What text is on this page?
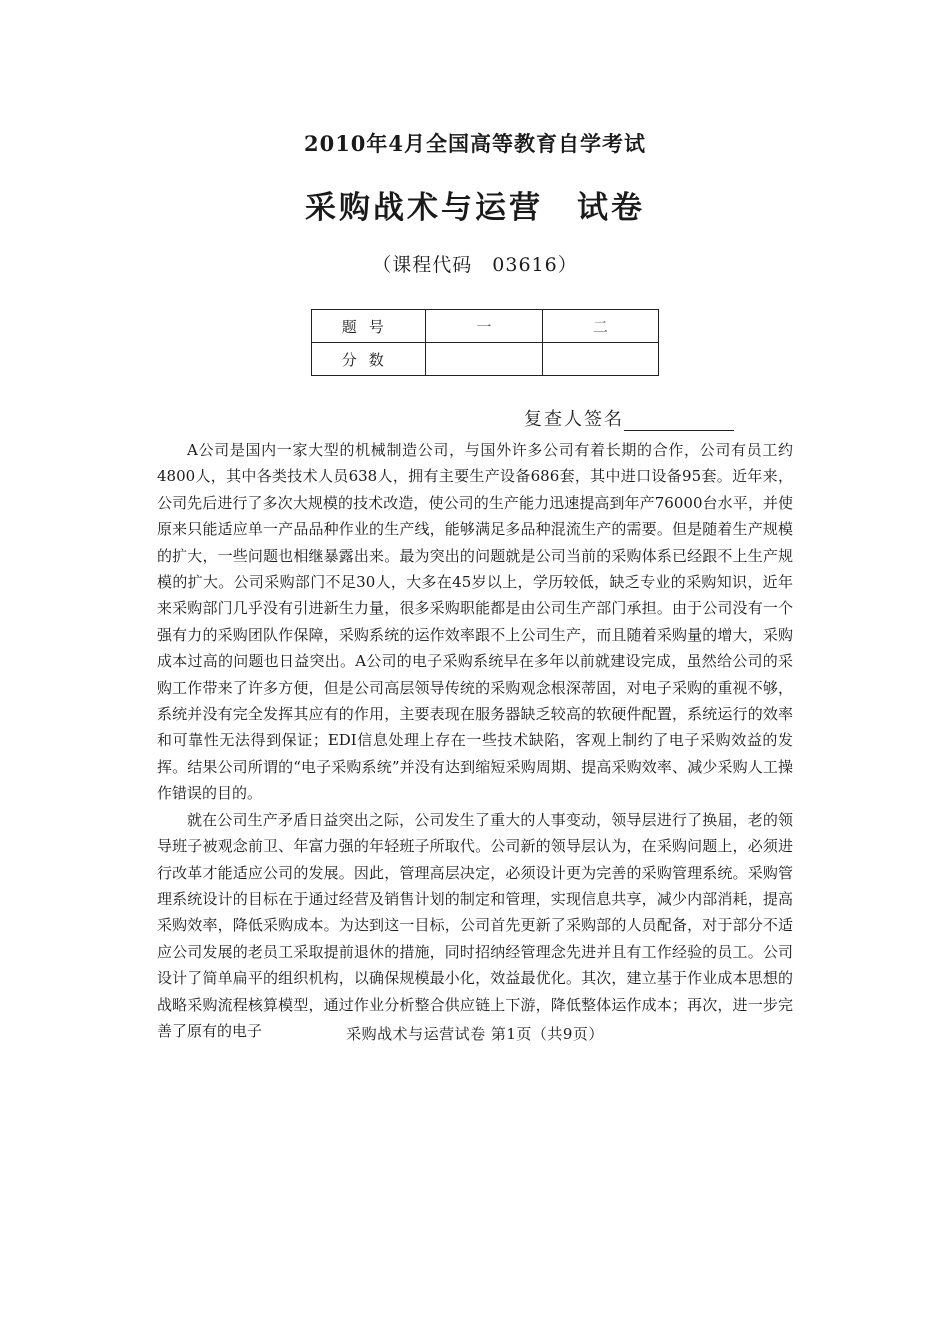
2010年4月全国高等教育自学考试
采购战术与运营　试卷
（课程代码　03616）
题号	一	二
分数		
复查人签名

A公司是国内一家大型的机械制造公司，与国外许多公司有着长期的合作，公司有员工约4800人，其中各类技术人员638人，拥有主要生产设备686套，其中进口设备95套。近年来，公司先后进行了多次大规模的技术改造，使公司的生产能力迅速提高到年产76000台水平，并使原来只能适应单一产品品种作业的生产线，能够满足多品种混流生产的需要。但是随着生产规模的扩大，一些问题也相继暴露出来。最为突出的问题就是公司当前的采购体系已经跟不上生产规模的扩大。公司采购部门不足30人，大多在45岁以上，学历较低，缺乏专业的采购知识，近年来采购部门几乎没有引进新生力量，很多采购职能都是由公司生产部门承担。由于公司没有一个强有力的采购团队作保障，采购系统的运作效率跟不上公司生产，而且随着采购量的增大，采购成本过高的问题也日益突出。A公司的电子采购系统早在多年以前就建设完成，虽然给公司的采购工作带来了许多方便，但是公司高层领导传统的采购观念根深蒂固，对电子采购的重视不够，系统并没有完全发挥其应有的作用，主要表现在服务器缺乏较高的软硬件配置，系统运行的效率和可靠性无法得到保证；EDI信息处理上存在一些技术缺陷，客观上制约了电子采购效益的发挥。结果公司所谓的“电子采购系统”并没有达到缩短采购周期、提高采购效率、减少采购人工操作错误的目的。

就在公司生产矛盾日益突出之际，公司发生了重大的人事变动，领导层进行了换届，老的领导班子被观念前卫、年富力强的年轻班子所取代。公司新的领导层认为，在采购问题上，必须进行改革才能适应公司的发展。因此，管理高层决定，必须设计更为完善的采购管理系统。采购管理系统设计的目标在于通过经营及销售计划的制定和管理，实现信息共享，减少内部消耗，提高采购效率，降低采购成本。为达到这一目标，公司首先更新了采购部的人员配备，对于部分不适应公司发展的老员工采取提前退休的措施，同时招纳经管理念先进并且有工作经验的员工。公司设计了简单扁平的组织机构，以确保规模最小化，效益最优化。其次，建立基于作业成本思想的战略采购流程核算模型，通过作业分析整合供应链上下游，降低整体运作成本；再次，进一步完善了原有的电子	采购战术与运营试卷 第1页（共9页）
